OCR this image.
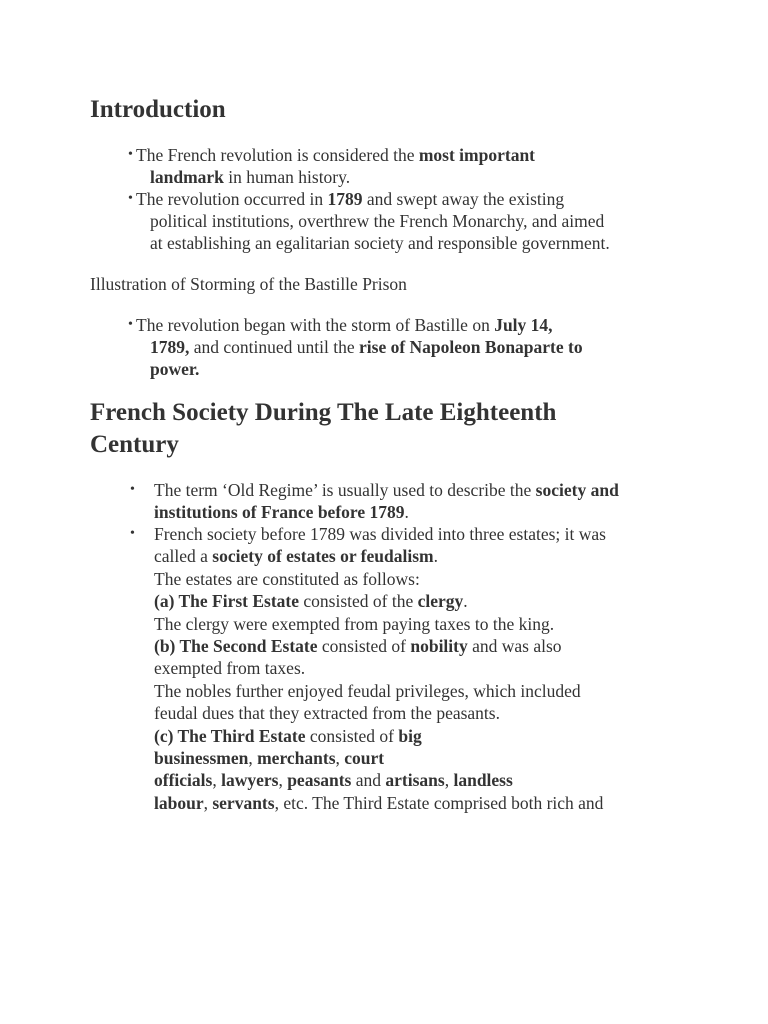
Introduction
• The French revolution is considered the most important
landmark in human history.
• The revolution occurred in 1789 and swept away the existing
political institutions, overthrew the French Monarchy, and aimed
at establishing an egalitarian society and responsible government.

Illustration of Storming of the Bastille Prison

• The revolution began with the storm of Bastille on July 14,
1789, and continued until the rise of Napoleon Bonaparte to
power.
French Society During The Late Eighteenth Century
• The term ‘Old Regime’ is usually used to describe the society and
institutions of France before 1789.
• French society before 1789 was divided into three estates; it was
called a society of estates or feudalism.
The estates are constituted as follows:
(a) The First Estate consisted of the clergy.
The clergy were exempted from paying taxes to the king.
(b) The Second Estate consisted of nobility and was also
exempted from taxes.
The nobles further enjoyed feudal privileges, which included
feudal dues that they extracted from the peasants.
(c) The Third Estate consisted of big
businessmen, merchants, court
officials, lawyers, peasants and artisans, landless
labour, servants, etc. The Third Estate comprised both rich and
